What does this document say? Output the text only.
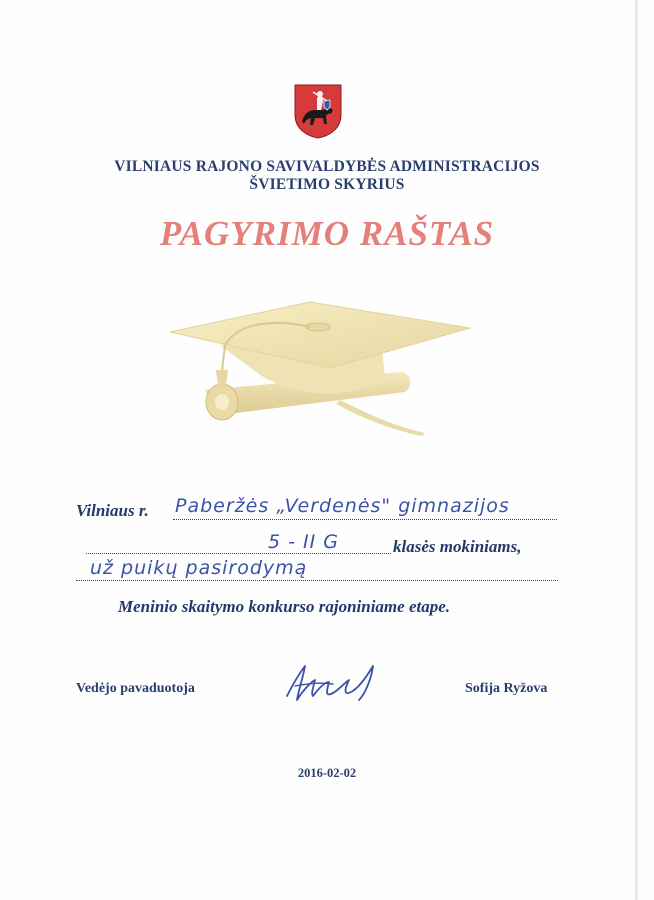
VILNIAUS RAJONO SAVIVALDYBĖS ADMINISTRACIJOS
ŠVIETIMO SKYRIUS
PAGYRIMO RAŠTAS
Vilniaus r. Paberžės „Verdenės" gimnazijos
5 - II G	klasės mokiniams,
už puikų pasirodymą
Meninio skaitymo konkurso rajoniniame etape.
Vedėjo pavaduotoja	Sofija Ryžova
2016-02-02
